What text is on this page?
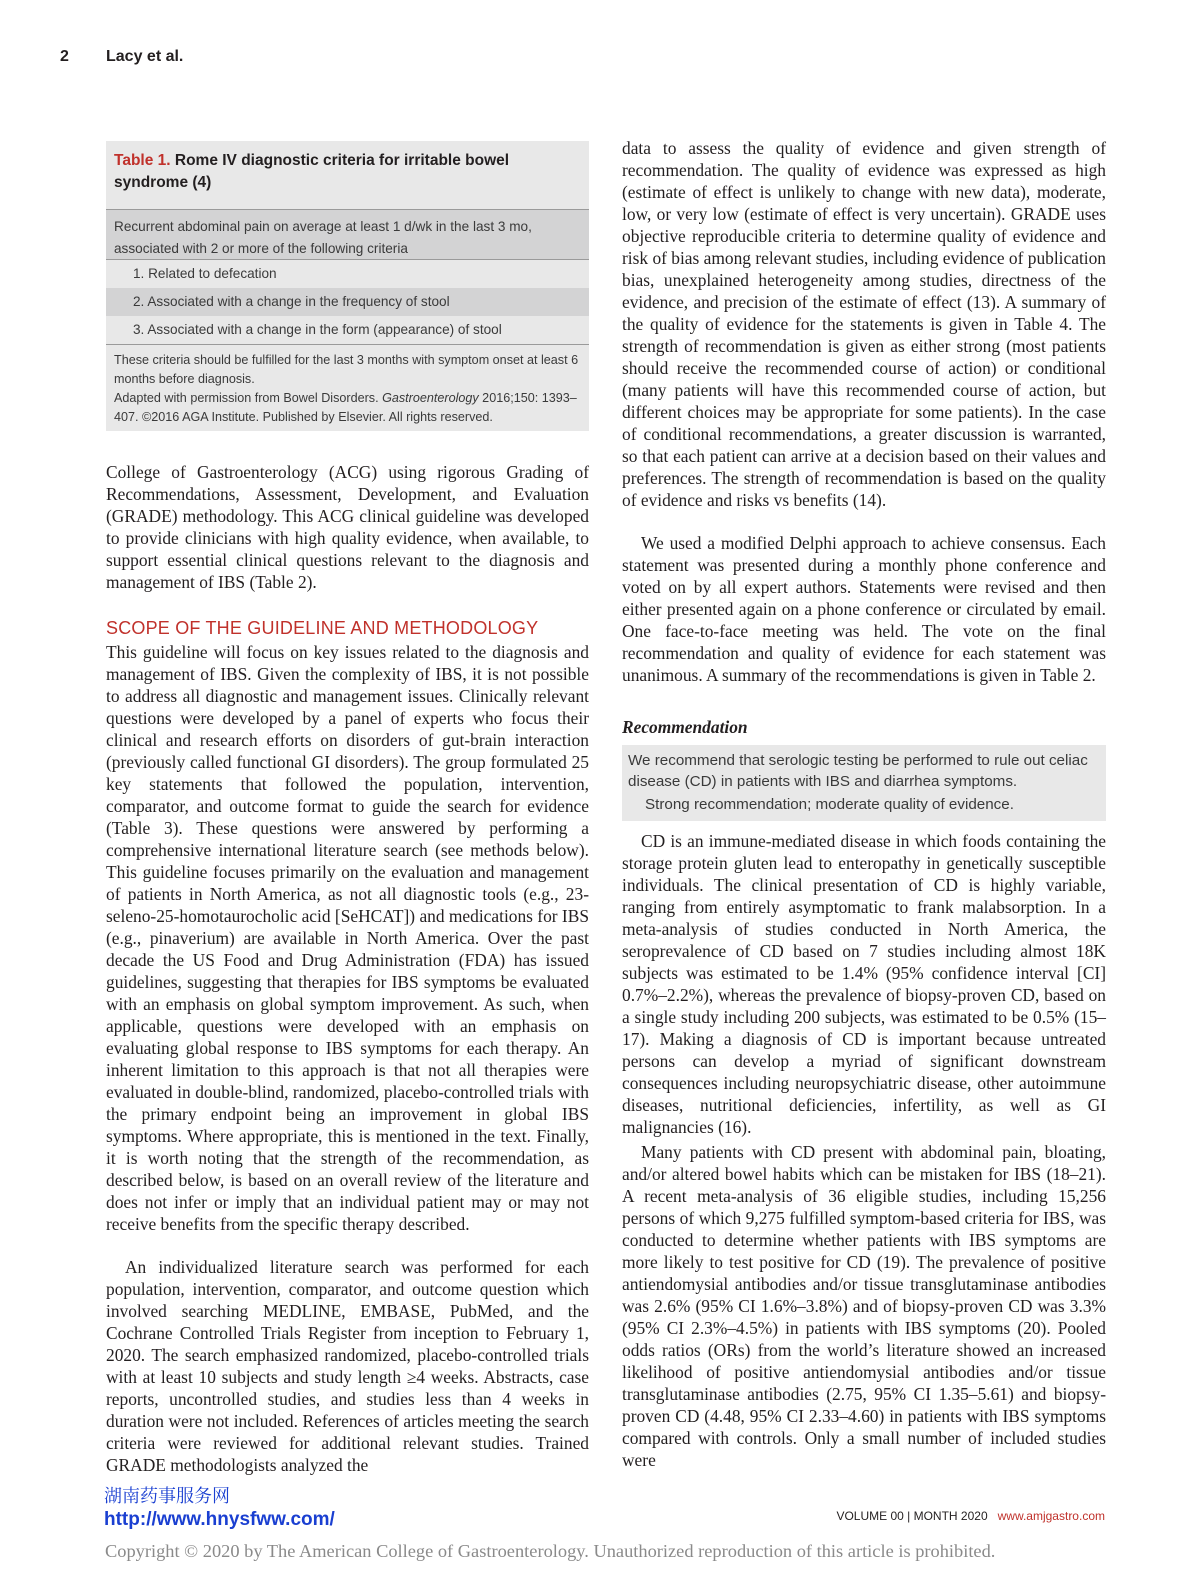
2 Lacy et al.
Table 1. Rome IV diagnostic criteria for irritable bowel syndrome (4)
Recurrent abdominal pain on average at least 1 d/wk in the last 3 mo, associated with 2 or more of the following criteria
1. Related to defecation
2. Associated with a change in the frequency of stool
3. Associated with a change in the form (appearance) of stool
These criteria should be fulfilled for the last 3 months with symptom onset at least 6 months before diagnosis.
Adapted with permission from Bowel Disorders. Gastroenterology 2016;150: 1393–407. ©2016 AGA Institute. Published by Elsevier. All rights reserved.

College of Gastroenterology (ACG) using rigorous Grading of Recommendations, Assessment, Development, and Evaluation (GRADE) methodology. This ACG clinical guideline was developed to provide clinicians with high quality evidence, when available, to support essential clinical questions relevant to the diagnosis and management of IBS (Table 2).

SCOPE OF THE GUIDELINE AND METHODOLOGY

This guideline will focus on key issues related to the diagnosis and management of IBS. Given the complexity of IBS, it is not possible to address all diagnostic and management issues. Clinically relevant questions were developed by a panel of experts who focus their clinical and research efforts on disorders of gut-brain interaction (previously called functional GI disorders). The group formulated 25 key statements that followed the population, intervention, comparator, and outcome format to guide the search for evidence (Table 3). These questions were answered by performing a comprehensive international literature search (see methods below). This guideline focuses primarily on the evaluation and management of patients in North America, as not all diagnostic tools (e.g., 23-seleno-25-homotaurocholic acid [SeHCAT]) and medications for IBS (e.g., pinaverium) are available in North America. Over the past decade the US Food and Drug Administration (FDA) has issued guidelines, suggesting that therapies for IBS symptoms be evaluated with an emphasis on global symptom improvement. As such, when applicable, questions were developed with an emphasis on evaluating global response to IBS symptoms for each therapy. An inherent limitation to this approach is that not all therapies were evaluated in double-blind, randomized, placebo-controlled trials with the primary endpoint being an improvement in global IBS symptoms. Where appropriate, this is mentioned in the text. Finally, it is worth noting that the strength of the recommendation, as described below, is based on an overall review of the literature and does not infer or imply that an individual patient may or may not receive benefits from the specific therapy described.

An individualized literature search was performed for each population, intervention, comparator, and outcome question which involved searching MEDLINE, EMBASE, PubMed, and the Cochrane Controlled Trials Register from inception to February 1, 2020. The search emphasized randomized, placebo-controlled trials with at least 10 subjects and study length ≥4 weeks. Abstracts, case reports, uncontrolled studies, and studies less than 4 weeks in duration were not included. References of articles meeting the search criteria were reviewed for additional relevant studies. Trained GRADE methodologists analyzed the

data to assess the quality of evidence and given strength of recommendation. The quality of evidence was expressed as high (estimate of effect is unlikely to change with new data), moderate, low, or very low (estimate of effect is very uncertain). GRADE uses objective reproducible criteria to determine quality of evidence and risk of bias among relevant studies, including evidence of publication bias, unexplained heterogeneity among studies, directness of the evidence, and precision of the estimate of effect (13). A summary of the quality of evidence for the statements is given in Table 4. The strength of recommendation is given as either strong (most patients should receive the recommended course of action) or conditional (many patients will have this recommended course of action, but different choices may be appropriate for some patients). In the case of conditional recommendations, a greater discussion is warranted, so that each patient can arrive at a decision based on their values and preferences. The strength of recommendation is based on the quality of evidence and risks vs benefits (14).

We used a modified Delphi approach to achieve consensus. Each statement was presented during a monthly phone conference and voted on by all expert authors. Statements were revised and then either presented again on a phone conference or circulated by email. One face-to-face meeting was held. The vote on the final recommendation and quality of evidence for each statement was unanimous. A summary of the recommendations is given in Table 2.

Recommendation
We recommend that serologic testing be performed to rule out celiac disease (CD) in patients with IBS and diarrhea symptoms.
Strong recommendation; moderate quality of evidence.

CD is an immune-mediated disease in which foods containing the storage protein gluten lead to enteropathy in genetically susceptible individuals. The clinical presentation of CD is highly variable, ranging from entirely asymptomatic to frank malabsorption. In a meta-analysis of studies conducted in North America, the seroprevalence of CD based on 7 studies including almost 18K subjects was estimated to be 1.4% (95% confidence interval [CI] 0.7%–2.2%), whereas the prevalence of biopsy-proven CD, based on a single study including 200 subjects, was estimated to be 0.5% (15–17). Making a diagnosis of CD is important because untreated persons can develop a myriad of significant downstream consequences including neuropsychiatric disease, other autoimmune diseases, nutritional deficiencies, infertility, as well as GI malignancies (16).

Many patients with CD present with abdominal pain, bloating, and/or altered bowel habits which can be mistaken for IBS (18–21). A recent meta-analysis of 36 eligible studies, including 15,256 persons of which 9,275 fulfilled symptom-based criteria for IBS, was conducted to determine whether patients with IBS symptoms are more likely to test positive for CD (19). The prevalence of positive antiendomysial antibodies and/or tissue transglutaminase antibodies was 2.6% (95% CI 1.6%–3.8%) and of biopsy-proven CD was 3.3% (95% CI 2.3%–4.5%) in patients with IBS symptoms (20). Pooled odds ratios (ORs) from the world’s literature showed an increased likelihood of positive antiendomysial antibodies and/or tissue transglutaminase antibodies (2.75, 95% CI 1.35–5.61) and biopsy-proven CD (4.48, 95% CI 2.33–4.60) in patients with IBS symptoms compared with controls. Only a small number of included studies were

湖南药事服务网
http://www.hnysfww.com/	VOLUME 00 | MONTH 2020 www.amjgastro.com
Copyright © 2020 by The American College of Gastroenterology. Unauthorized reproduction of this article is prohibited.
